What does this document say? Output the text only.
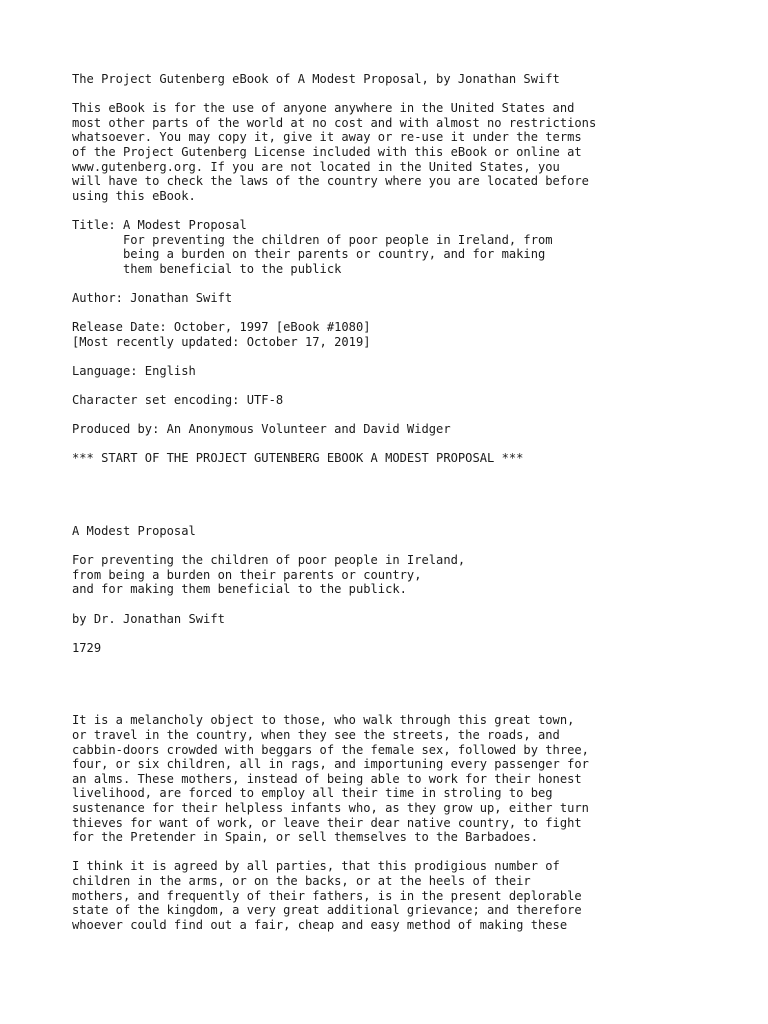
The Project Gutenberg eBook of A Modest Proposal, by Jonathan Swift

This eBook is for the use of anyone anywhere in the United States and
most other parts of the world at no cost and with almost no restrictions
whatsoever. You may copy it, give it away or re-use it under the terms
of the Project Gutenberg License included with this eBook or online at
www.gutenberg.org. If you are not located in the United States, you
will have to check the laws of the country where you are located before
using this eBook.

Title: A Modest Proposal
For preventing the children of poor people in Ireland, from
being a burden on their parents or country, and for making
them beneficial to the publick

Author: Jonathan Swift

Release Date: October, 1997 [eBook #1080]
[Most recently updated: October 17, 2019]

Language: English

Character set encoding: UTF-8

Produced by: An Anonymous Volunteer and David Widger

*** START OF THE PROJECT GUTENBERG EBOOK A MODEST PROPOSAL ***

A Modest Proposal

For preventing the children of poor people in Ireland,
from being a burden on their parents or country,
and for making them beneficial to the publick.

by Dr. Jonathan Swift

1729

It is a melancholy object to those, who walk through this great town,
or travel in the country, when they see the streets, the roads, and
cabbin-doors crowded with beggars of the female sex, followed by three,
four, or six children, all in rags, and importuning every passenger for
an alms. These mothers, instead of being able to work for their honest
livelihood, are forced to employ all their time in stroling to beg
sustenance for their helpless infants who, as they grow up, either turn
thieves for want of work, or leave their dear native country, to fight
for the Pretender in Spain, or sell themselves to the Barbadoes.

I think it is agreed by all parties, that this prodigious number of
children in the arms, or on the backs, or at the heels of their
mothers, and frequently of their fathers, is in the present deplorable
state of the kingdom, a very great additional grievance; and therefore
whoever could find out a fair, cheap and easy method of making these
